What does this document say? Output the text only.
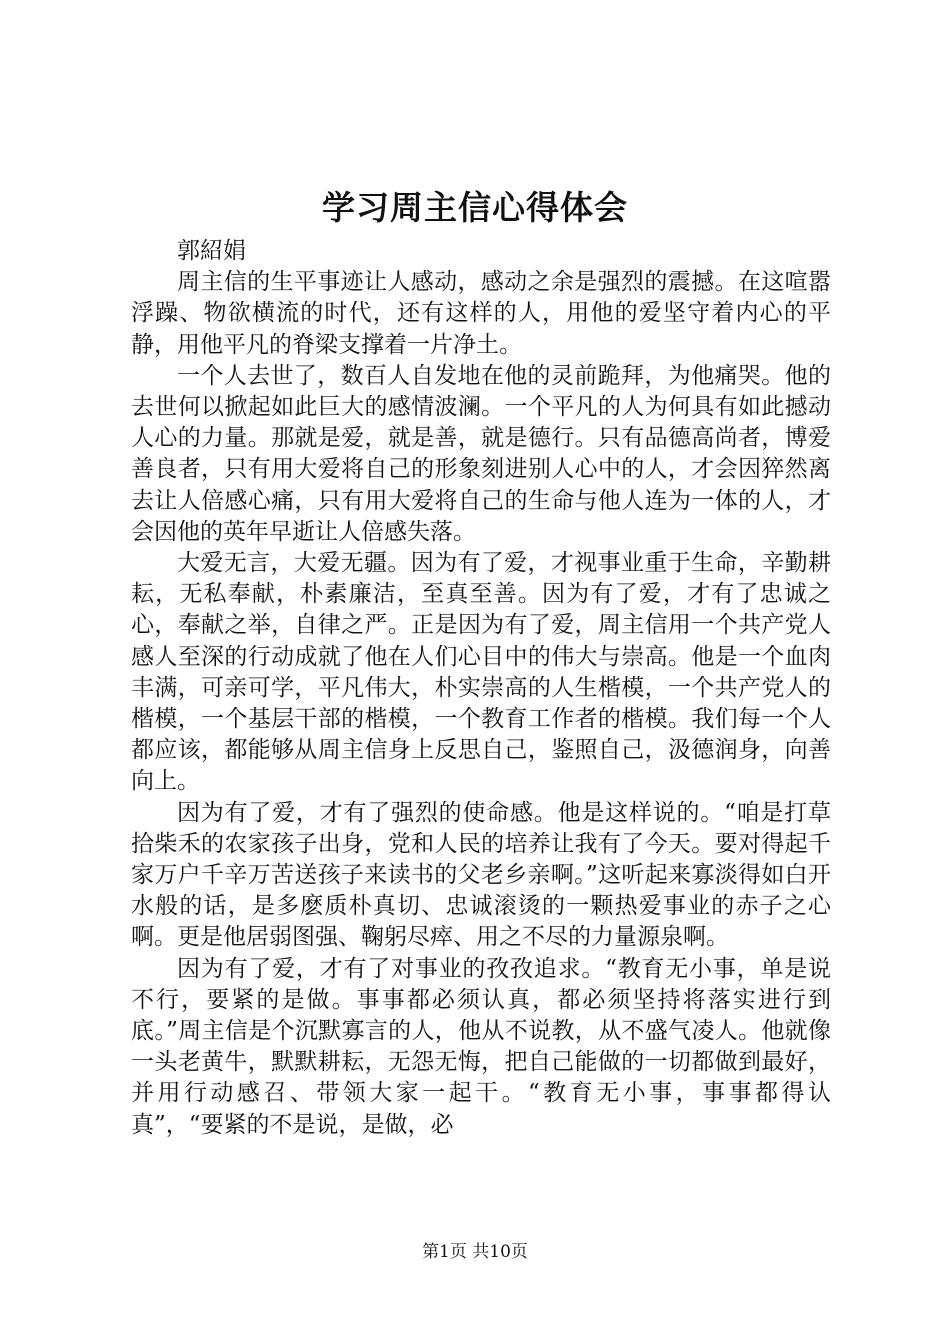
学习周主信心得体会
郭紹娟

周主信的生平事迹让人感动，感动之余是强烈的震撼。在这喧嚣浮躁、物欲横流的时代，还有这样的人，用他的爱坚守着内心的平静，用他平凡的脊梁支撑着一片净土。

一个人去世了，数百人自发地在他的灵前跪拜，为他痛哭。他的去世何以掀起如此巨大的感情波澜。一个平凡的人为何具有如此撼动人心的力量。那就是爱，就是善，就是德行。只有品德高尚者，博爱善良者，只有用大爱将自己的形象刻进别人心中的人，才会因猝然离去让人倍感心痛，只有用大爱将自己的生命与他人连为一体的人，才会因他的英年早逝让人倍感失落。

大爱无言，大爱无疆。因为有了爱，才视事业重于生命，辛勤耕耘，无私奉献，朴素廉洁，至真至善。因为有了爱，才有了忠诚之心，奉献之举，自律之严。正是因为有了爱，周主信用一个共产党人感人至深的行动成就了他在人们心目中的伟大与崇高。他是一个血肉丰满，可亲可学，平凡伟大，朴实崇高的人生楷模，一个共产党人的楷模，一个基层干部的楷模，一个教育工作者的楷模。我们每一个人都应该，都能够从周主信身上反思自己，鉴照自己，汲德润身，向善向上。

因为有了爱，才有了强烈的使命感。他是这样说的。“咱是打草拾柴禾的农家孩子出身，党和人民的培养让我有了今天。要对得起千家万户千辛万苦送孩子来读书的父老乡亲啊。”这听起来寡淡得如白开水般的话，是多麽质朴真切、忠诚滚烫的一颗热爱事业的赤子之心啊。更是他居弱图强、鞠躬尽瘁、用之不尽的力量源泉啊。

因为有了爱，才有了对事业的孜孜追求。“教育无小事，单是说不行，要紧的是做。事事都必须认真，都必须坚持将落实进行到底。”周主信是个沉默寡言的人，他从不说教，从不盛气凌人。他就像一头老黄牛，默默耕耘，无怨无悔，把自己能做的一切都做到最好，并用行动感召、带领大家一起干。“教育无小事，事事都得认真”，“要紧的不是说，是做，必

第1页 共10页
